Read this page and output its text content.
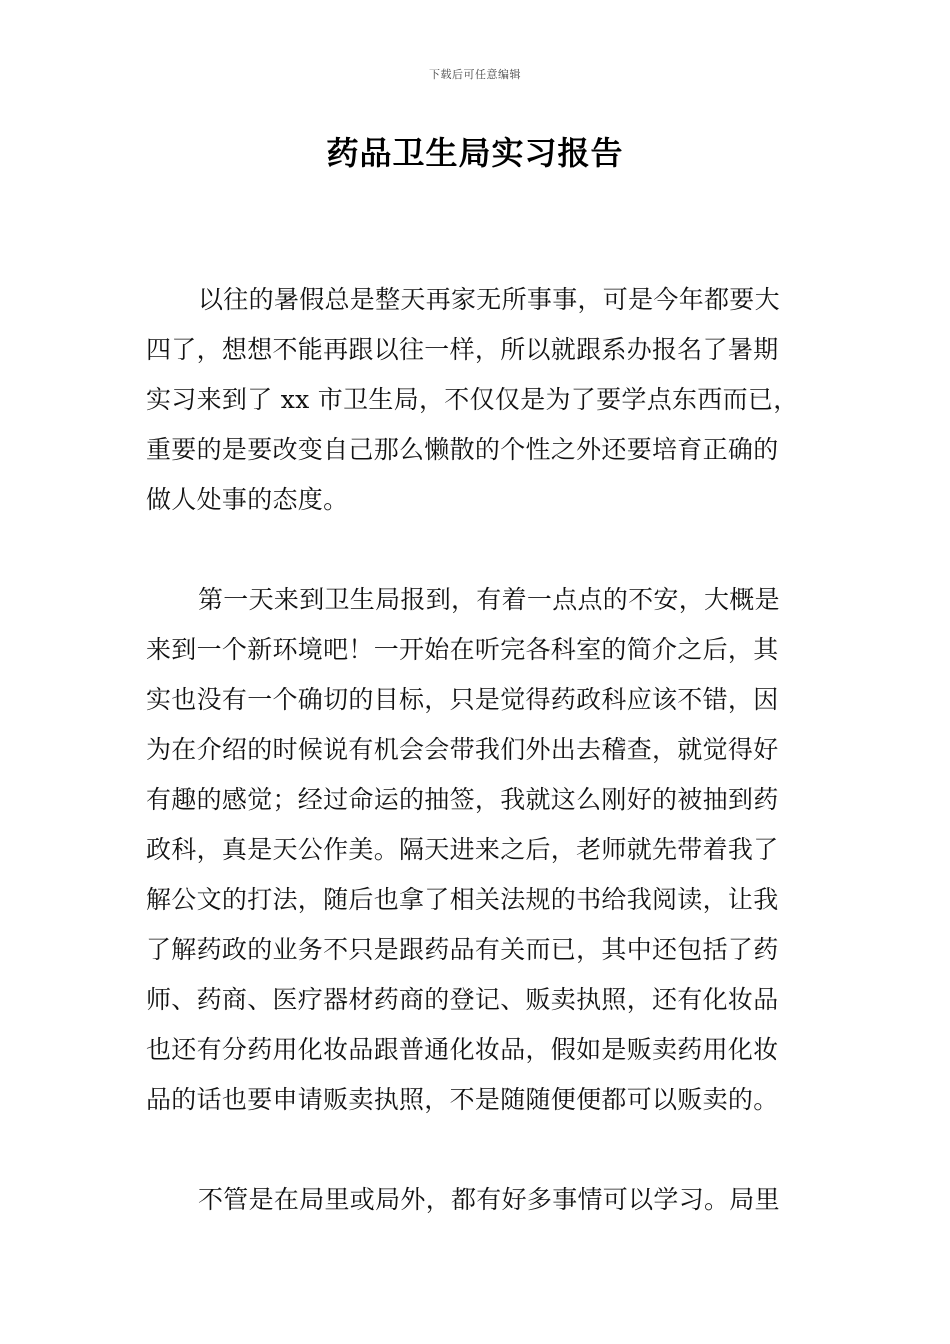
下载后可任意编辑
药品卫生局实习报告

以往的暑假总是整天再家无所事事，可是今年都要大
四了，想想不能再跟以往一样，所以就跟系办报名了暑期
实习来到了 xx 市卫生局，不仅仅是为了要学点东西而已，
重要的是要改变自己那么懒散的个性之外还要培育正确的
做人处事的态度。

第一天来到卫生局报到，有着一点点的不安，大概是
来到一个新环境吧！一开始在听完各科室的简介之后，其
实也没有一个确切的目标，只是觉得药政科应该不错，因
为在介绍的时候说有机会会带我们外出去稽查，就觉得好
有趣的感觉；经过命运的抽签，我就这么刚好的被抽到药
政科，真是天公作美。隔天进来之后，老师就先带着我了
解公文的打法，随后也拿了相关法规的书给我阅读，让我
了解药政的业务不只是跟药品有关而已，其中还包括了药
师、药商、医疗器材药商的登记、贩卖执照，还有化妆品
也还有分药用化妆品跟普通化妆品，假如是贩卖药用化妆
品的话也要申请贩卖执照，不是随随便便都可以贩卖的。

不管是在局里或局外，都有好多事情可以学习。局里
